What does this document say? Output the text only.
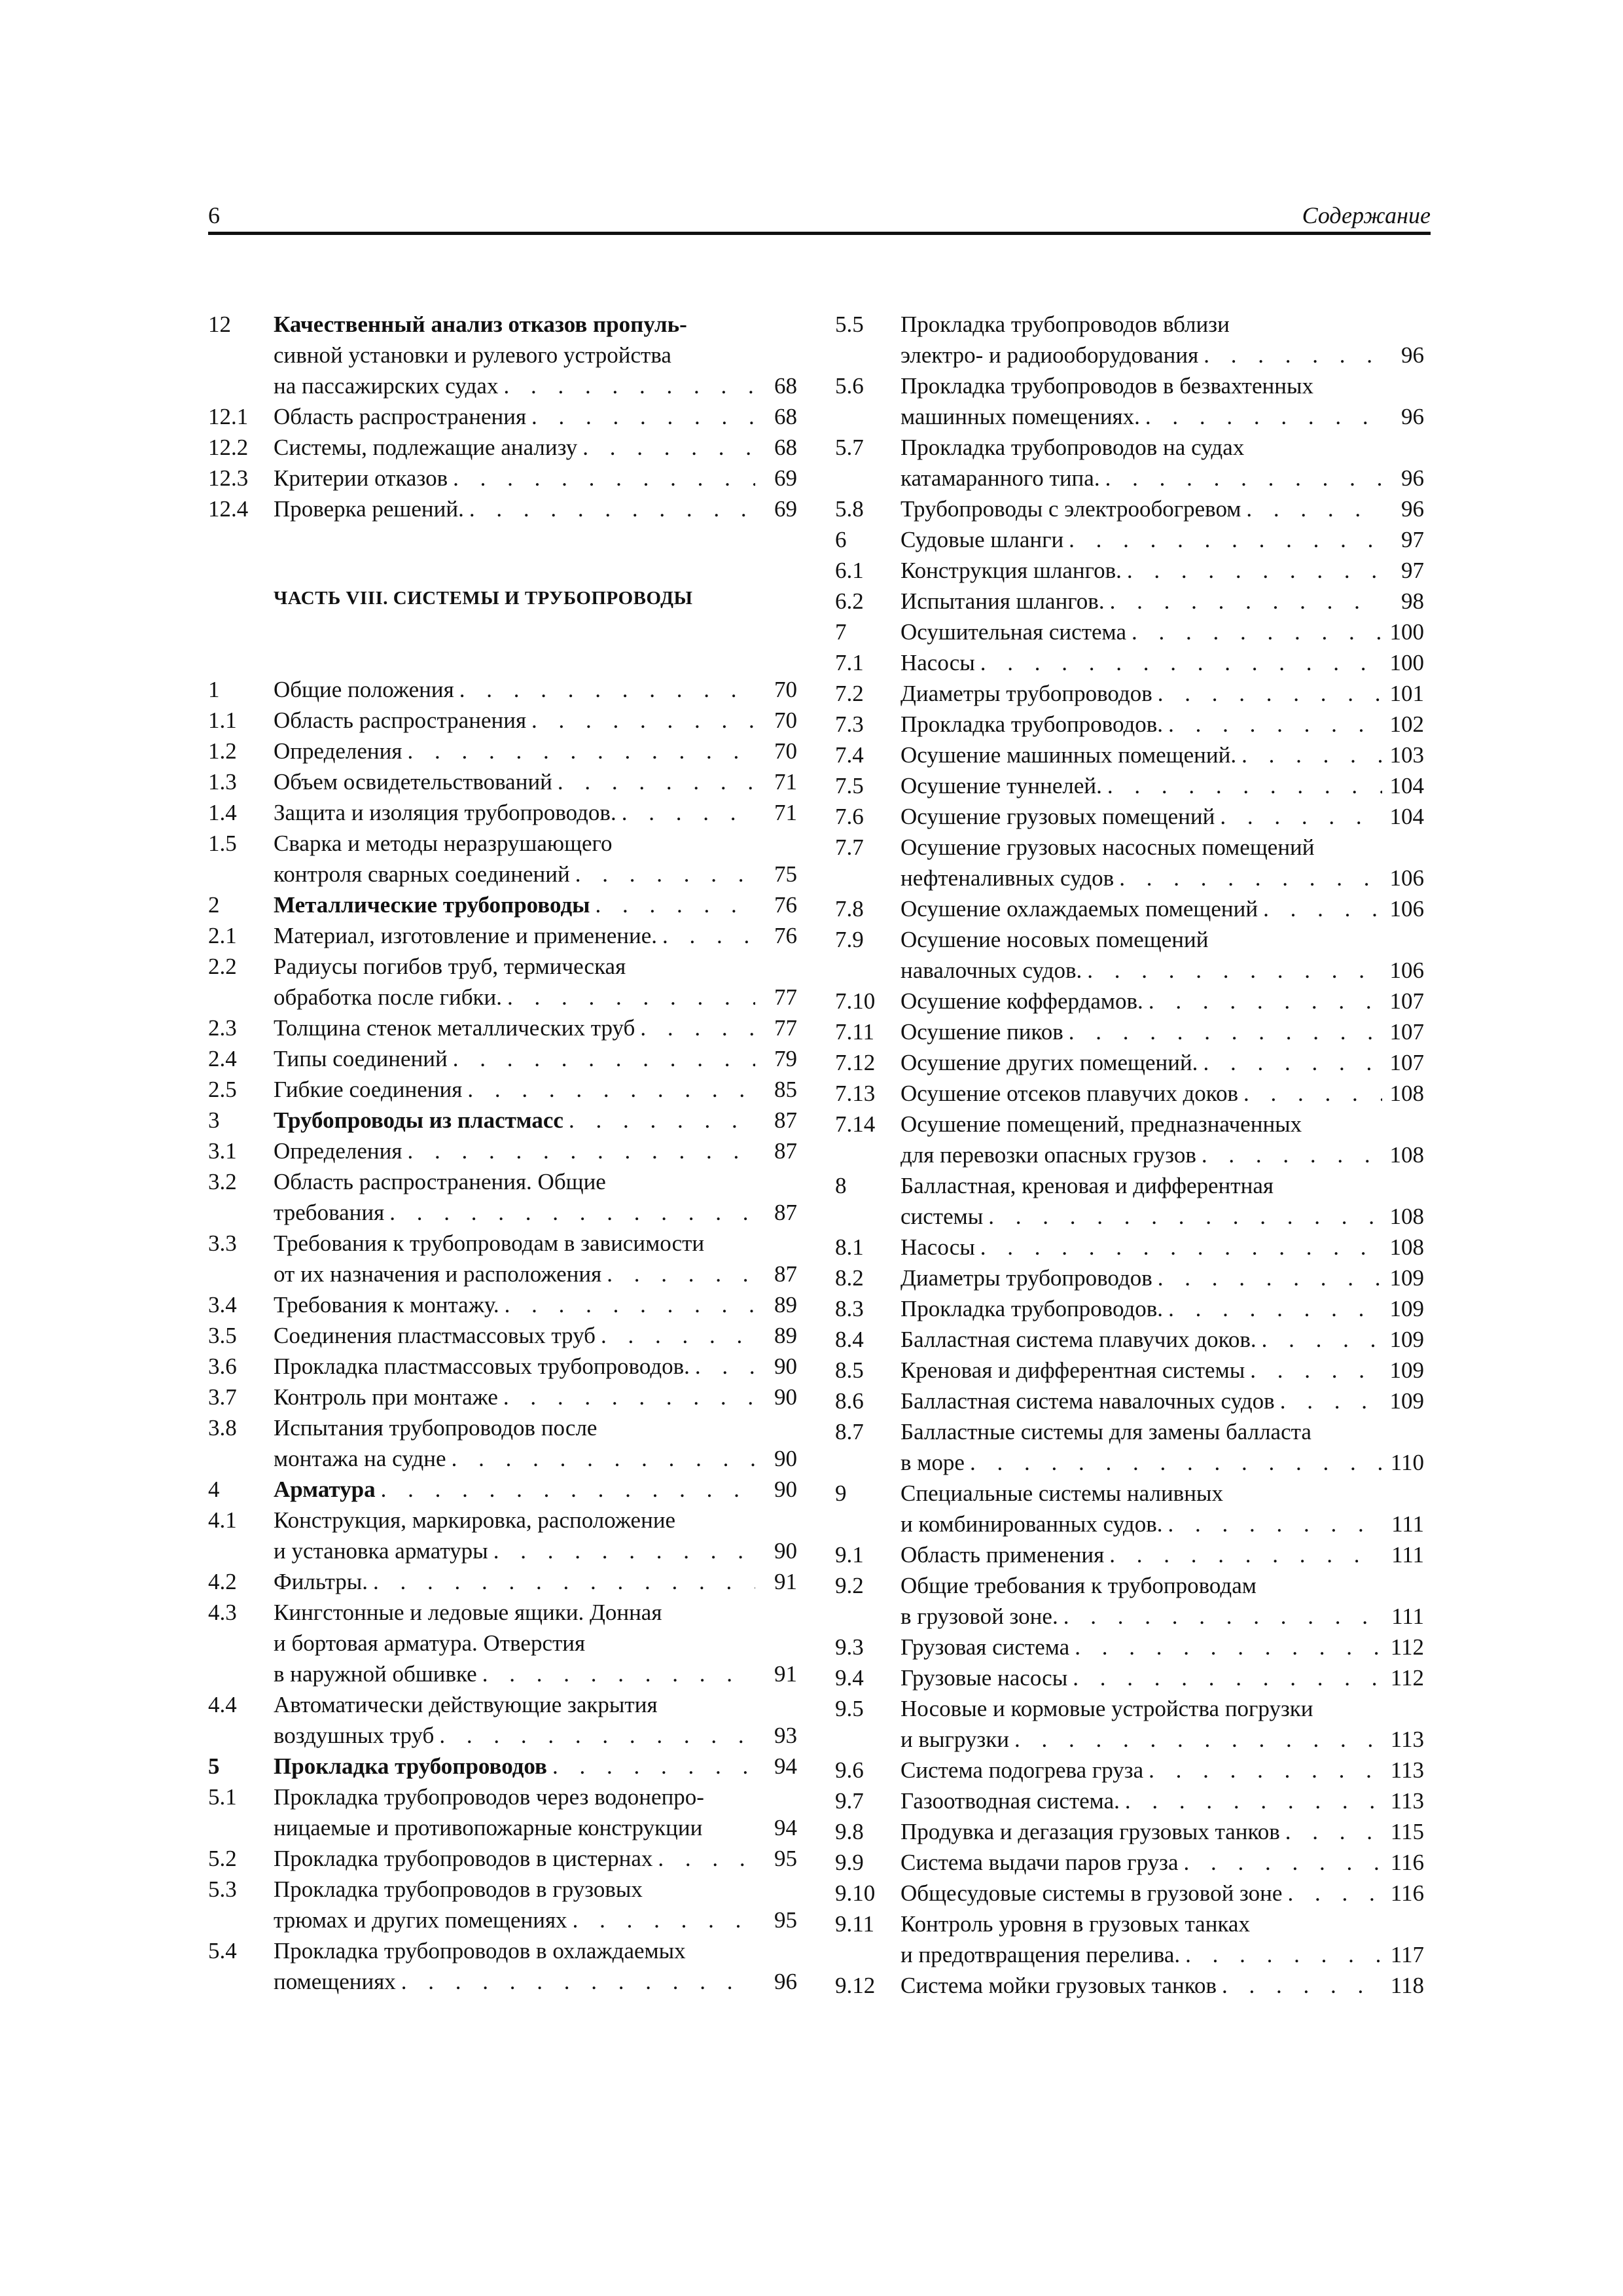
6	Содержание
12	Качественный анализ отказов пропуль-
сивной установки и рулевого устройства
на пассажирских судах . . .	68
12.1	Область распространения . . .	68
12.2	Системы, подлежащие анализу . . .	68
12.3	Критерии отказов . . .	69
12.4	Проверка решений. . . .	69
ЧАСТЬ VIII. СИСТЕМЫ И ТРУБОПРОВОДЫ
1	Общие положения . . .	70
1.1	Область распространения . . .	70
1.2	Определения . . .	70
1.3	Объем освидетельствований . . .	71
1.4	Защита и изоляция трубопроводов. . . .	71
1.5	Сварка и методы неразрушающего
контроля сварных соединений . . .	75
2	Металлические трубопроводы . . .	76
2.1	Материал, изготовление и применение. . . .	76
2.2	Радиусы погибов труб, термическая
обработка после гибки. . . .	77
2.3	Толщина стенок металлических труб . . .	77
2.4	Типы соединений . . .	79
2.5	Гибкие соединения . . .	85
3	Трубопроводы из пластмасс . . .	87
3.1	Определения . . .	87
3.2	Область распространения. Общие
требования . . .	87
3.3	Требования к трубопроводам в зависимости
от их назначения и расположения . . .	87
3.4	Требования к монтажу. . . .	89
3.5	Соединения пластмассовых труб . . .	89
3.6	Прокладка пластмассовых трубопроводов. . . .	90
3.7	Контроль при монтаже . . .	90
3.8	Испытания трубопроводов после
монтажа на судне . . .	90
4	Арматура . . .	90
4.1	Конструкция, маркировка, расположение
и установка арматуры . . .	90
4.2	Фильтры. . . .	91
4.3	Кингстонные и ледовые ящики. Донная
и бортовая арматура. Отверстия
в наружной обшивке . . .	91
4.4	Автоматически действующие закрытия
воздушных труб . . .	93
5	Прокладка трубопроводов . . .	94
5.1	Прокладка трубопроводов через водонепро-
ницаемые и противопожарные конструкции	94
5.2	Прокладка трубопроводов в цистернах . . .	95
5.3	Прокладка трубопроводов в грузовых
трюмах и других помещениях . . .	95
5.4	Прокладка трубопроводов в охлаждаемых
помещениях . . .	96
5.5	Прокладка трубопроводов вблизи
электро- и радиооборудования . . .	96
5.6	Прокладка трубопроводов в безвахтенных
машинных помещениях. . . .	96
5.7	Прокладка трубопроводов на судах
катамаранного типа. . . .	96
5.8	Трубопроводы с электрообогревом . . .	96
6	Судовые шланги . . .	97
6.1	Конструкция шлангов. . . .	97
6.2	Испытания шлангов. . . .	98
7	Осушительная система . . .	100
7.1	Насосы . . .	100
7.2	Диаметры трубопроводов . . .	101
7.3	Прокладка трубопроводов. . . .	102
7.4	Осушение машинных помещений. . . .	103
7.5	Осушение туннелей. . . .	104
7.6	Осушение грузовых помещений . . .	104
7.7	Осушение грузовых насосных помещений
нефтеналивных судов . . .	106
7.8	Осушение охлаждаемых помещений . . .	106
7.9	Осушение носовых помещений
навалочных судов. . . .	106
7.10	Осушение коффердамов. . . .	107
7.11	Осушение пиков . . .	107
7.12	Осушение других помещений. . . .	107
7.13	Осушение отсеков плавучих доков . . .	108
7.14	Осушение помещений, предназначенных
для перевозки опасных грузов . . .	108
8	Балластная, креновая и дифферентная
системы . . .	108
8.1	Насосы . . .	108
8.2	Диаметры трубопроводов . . .	109
8.3	Прокладка трубопроводов. . . .	109
8.4	Балластная система плавучих доков. . . .	109
8.5	Креновая и дифферентная системы . . .	109
8.6	Балластная система навалочных судов . . .	109
8.7	Балластные системы для замены балласта
в море . . .	110
9	Специальные системы наливных
и комбинированных судов. . . .	111
9.1	Область применения . . .	111
9.2	Общие требования к трубопроводам
в грузовой зоне. . . .	111
9.3	Грузовая система . . .	112
9.4	Грузовые насосы . . .	112
9.5	Носовые и кормовые устройства погрузки
и выгрузки . . .	113
9.6	Система подогрева груза . . .	113
9.7	Газоотводная система. . . .	113
9.8	Продувка и дегазация грузовых танков . . .	115
9.9	Система выдачи паров груза . . .	116
9.10	Общесудовые системы в грузовой зоне . . .	116
9.11	Контроль уровня в грузовых танках
и предотвращения перелива. . . .	117
9.12	Система мойки грузовых танков . . .	118
